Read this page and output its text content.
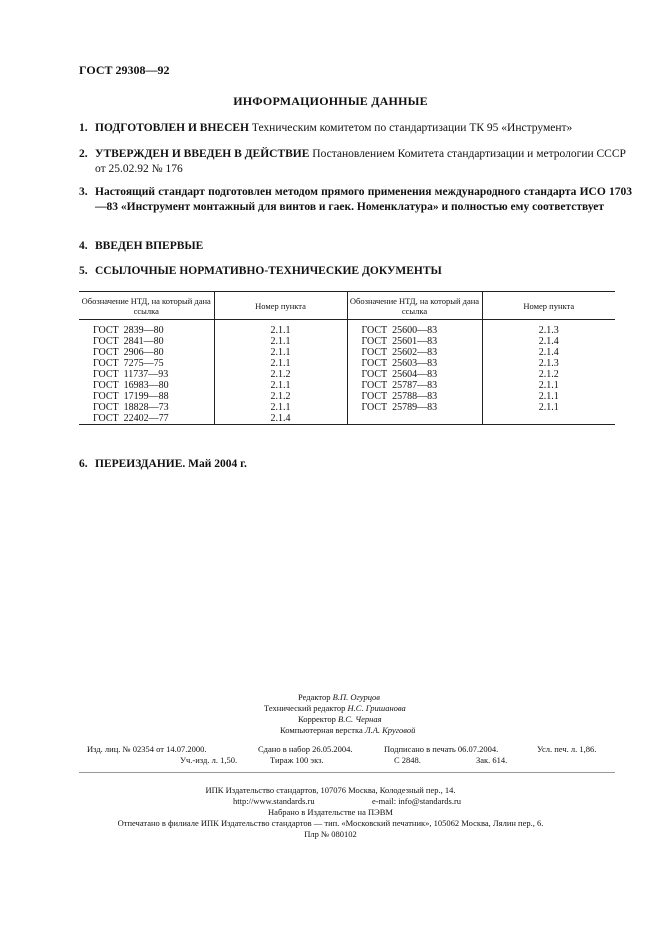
ГОСТ 29308—92
ИНФОРМАЦИОННЫЕ ДАННЫЕ
1. ПОДГОТОВЛЕН И ВНЕСЕН Техническим комитетом по стандартизации ТК 95 «Инструмент»
2. УТВЕРЖДЕН И ВВЕДЕН В ДЕЙСТВИЕ Постановлением Комитета стандартизации и метрологии СССР от 25.02.92 № 176
3. Настоящий стандарт подготовлен методом прямого применения международного стандарта ИСО 1703—83 «Инструмент монтажный для винтов и гаек. Номенклатура» и полностью ему соответствует
4. ВВЕДЕН ВПЕРВЫЕ
5. ССЫЛОЧНЫЕ НОРМАТИВНО-ТЕХНИЧЕСКИЕ ДОКУМЕНТЫ
Обозначение НТД, на который дана ссылка	Номер пункта	Обозначение НТД, на который дана ссылка	Номер пункта

ГОСТ  2839—80	2.1.1	ГОСТ  25600—83	2.1.3
ГОСТ  2841—80	2.1.1	ГОСТ  25601—83	2.1.4
ГОСТ  2906—80	2.1.1	ГОСТ  25602—83	2.1.4
ГОСТ  7275—75	2.1.1	ГОСТ  25603—83	2.1.3
ГОСТ  11737—93	2.1.2	ГОСТ  25604—83	2.1.2
ГОСТ  16983—80	2.1.1	ГОСТ  25787—83	2.1.1
ГОСТ  17199—88	2.1.2	ГОСТ  25788—83	2.1.1
ГОСТ  18828—73	2.1.1	ГОСТ  25789—83	2.1.1
ГОСТ  22402—77	2.1.4		
6. ПЕРЕИЗДАНИЕ. Май 2004 г.
Редактор В.П. Огурцов
Технический редактор Н.С. Гришанова
Корректор В.С. Черная
Компьютерная верстка Л.А. Круговой
Изд. лиц. № 02354 от 14.07.2000.	Сдано в набор 26.05.2004.	Подписано в печать 06.07.2004.	Усл. печ. л. 1,86.
Уч.-изд. л. 1,50.	Тираж 100 экз.	С 2848.	Зак. 614.
ИПК Издательство стандартов, 107076 Москва, Колодезный пер., 14.
http://www.standards.ru	e-mail: info@standards.ru
Набрано в Издательстве на ПЭВМ
Отпечатано в филиале ИПК Издательство стандартов — тип. «Московский печатник», 105062 Москва, Лялин пер., 6.
Плр № 080102
